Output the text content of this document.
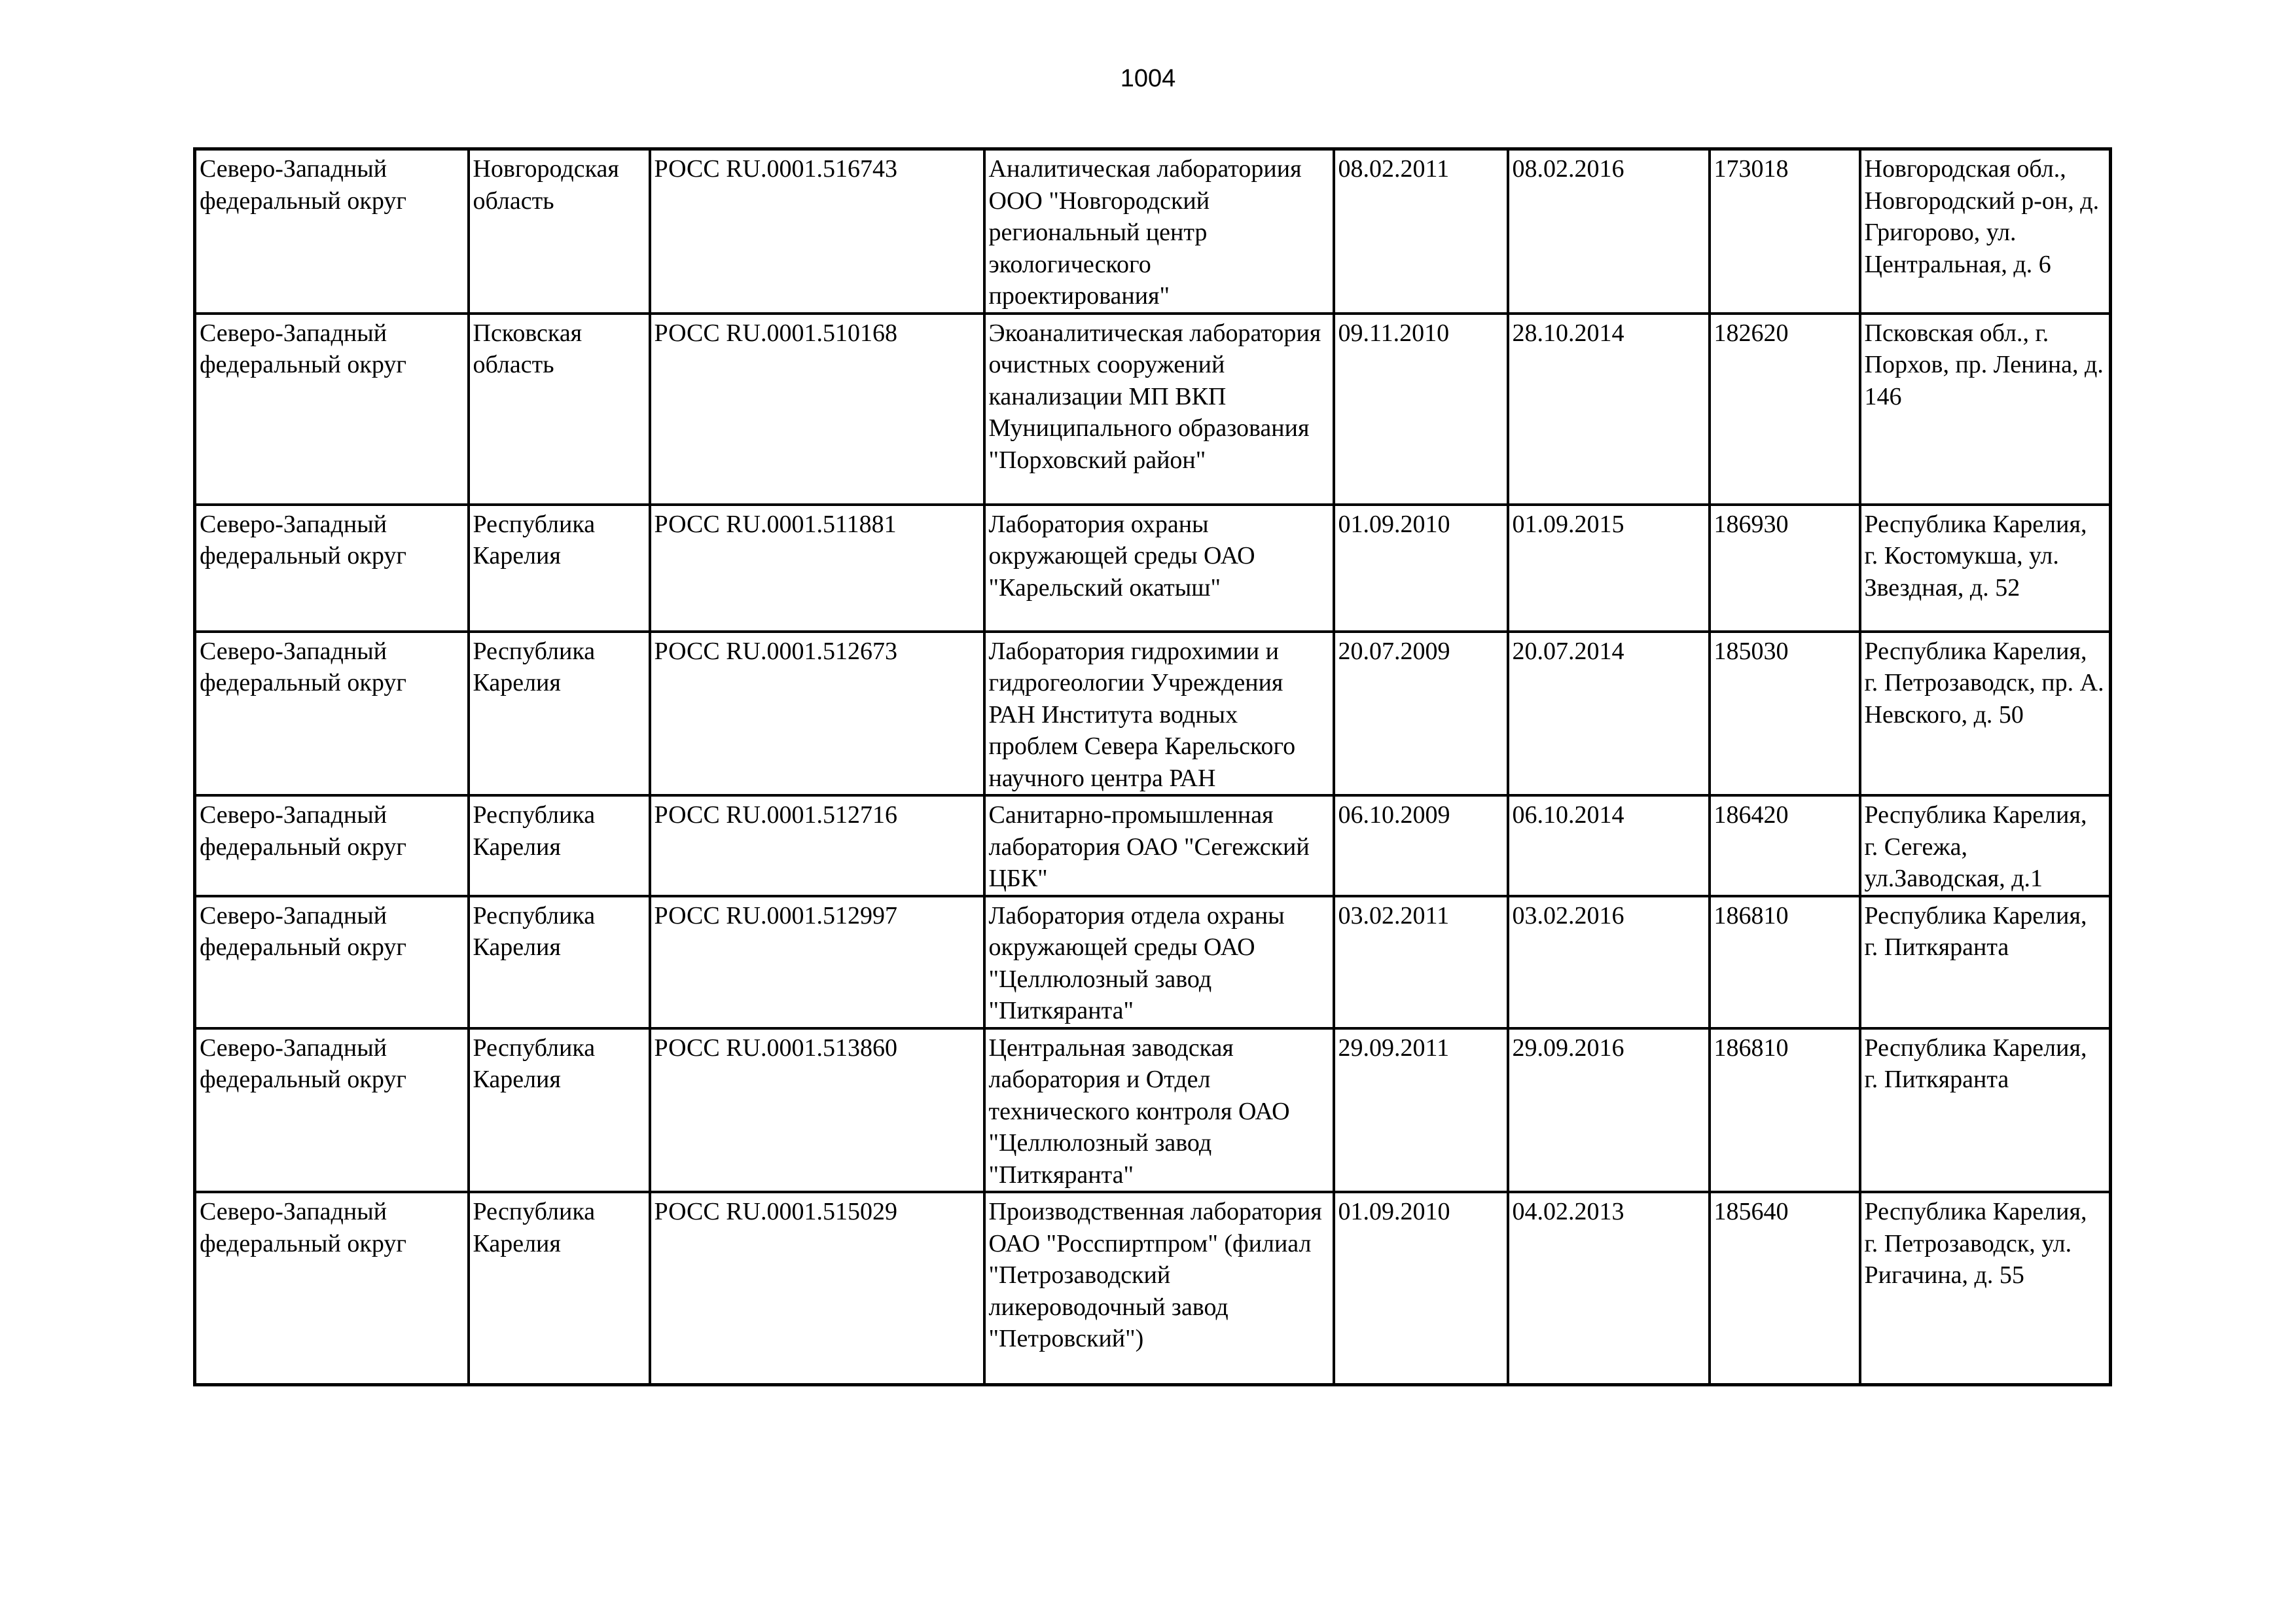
1004
Северо-Западный федеральный округ	Новгородская область	РОСС RU.0001.516743	Аналитическая лабораториия ООО "Новгородский региональный центр экологического проектирования"	08.02.2011	08.02.2016	173018	Новгородская обл., Новгородский р-он, д. Григорово, ул. Центральная, д. 6
Северо-Западный федеральный округ	Псковская область	РОСС RU.0001.510168	Экоаналитическая лаборатория очистных сооружений канализации МП ВКП Муниципального образования "Порховский район"	09.11.2010	28.10.2014	182620	Псковская обл., г. Порхов, пр. Ленина, д. 146
Северо-Западный федеральный округ	Республика Карелия	РОСС RU.0001.511881	Лаборатория охраны окружающей среды ОАО "Карельский окатыш"	01.09.2010	01.09.2015	186930	Республика Карелия, г. Костомукша, ул. Звездная, д. 52
Северо-Западный федеральный округ	Республика Карелия	РОСС RU.0001.512673	Лаборатория гидрохимии и гидрогеологии Учреждения РАН Института водных проблем Севера Карельского научного центра РАН	20.07.2009	20.07.2014	185030	Республика Карелия, г. Петрозаводск, пр. А. Невского, д. 50
Северо-Западный федеральный округ	Республика Карелия	РОСС RU.0001.512716	Санитарно-промышленная лаборатория ОАО "Сегежский ЦБК"	06.10.2009	06.10.2014	186420	Республика Карелия, г. Сегежа, ул.Заводская, д.1
Северо-Западный федеральный округ	Республика Карелия	РОСС RU.0001.512997	Лаборатория отдела охраны окружающей среды ОАО "Целлюлозный завод "Питкяранта"	03.02.2011	03.02.2016	186810	Республика Карелия, г. Питкяранта
Северо-Западный федеральный округ	Республика Карелия	РОСС RU.0001.513860	Центральная заводская лаборатория и Отдел технического контроля ОАО "Целлюлозный завод "Питкяранта"	29.09.2011	29.09.2016	186810	Республика Карелия, г. Питкяранта
Северо-Западный федеральный округ	Республика Карелия	РОСС RU.0001.515029	Производственная лаборатория ОАО "Росспиртпром" (филиал "Петрозаводский ликероводочный завод "Петровский")	01.09.2010	04.02.2013	185640	Республика Карелия, г. Петрозаводск, ул. Ригачина, д. 55
